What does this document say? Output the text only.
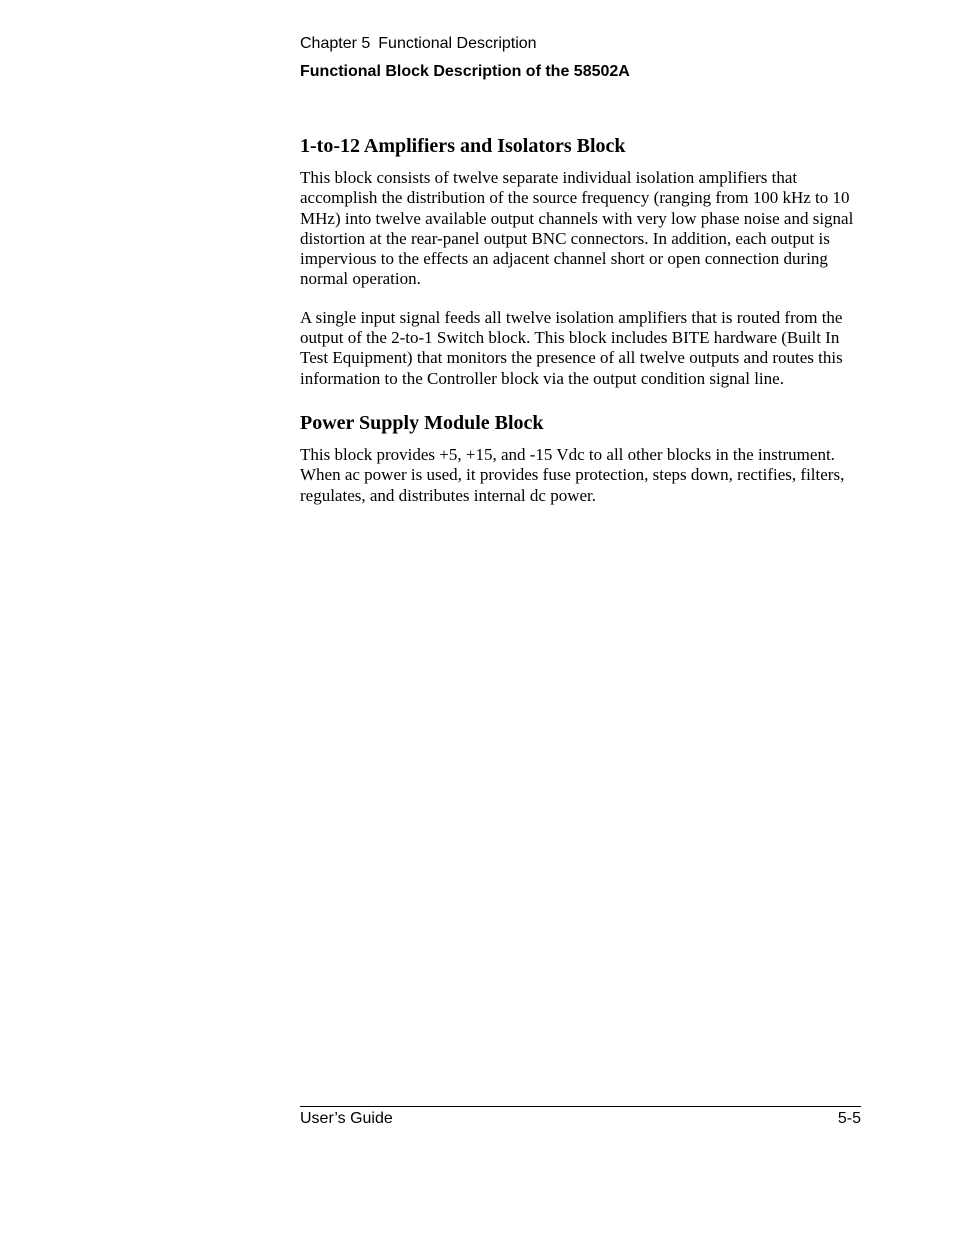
Chapter 5 Functional Description

Functional Block Description of the 58502A

1-to-12 Amplifiers and Isolators Block

This block consists of twelve separate individual isolation amplifiers that accomplish the distribution of the source frequency (ranging from 100 kHz to 10 MHz) into twelve available output channels with very low phase noise and signal distortion at the rear-panel output BNC connectors. In addition, each output is impervious to the effects an adjacent channel short or open connection during normal operation.

A single input signal feeds all twelve isolation amplifiers that is routed from the output of the 2-to-1 Switch block. This block includes BITE hardware (Built In Test Equipment) that monitors the presence of all twelve outputs and routes this information to the Controller block via the output condition signal line.

Power Supply Module Block

This block provides +5, +15, and -15 Vdc to all other blocks in the instrument. When ac power is used, it provides fuse protection, steps down, rectifies, filters, regulates, and distributes internal dc power.

User’s Guide	5-5
